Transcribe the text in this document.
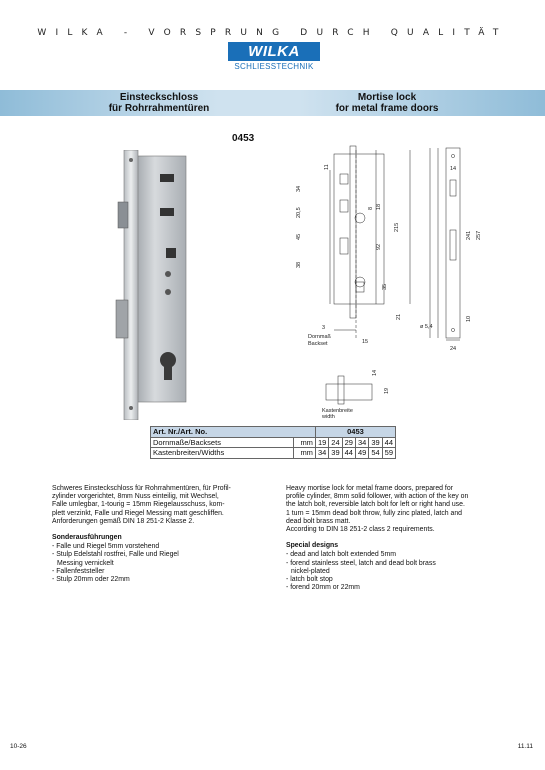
WILKA - VORSPRUNG DURCH QUALITÄT
WILKA
SCHLIESSTECHNIK
Einsteckschloss
für Rohrrahmentüren
Mortise lock
for metal frame doors
0453
11
34
20,5
45
38
8 18
215
92
35
21
3
Dornmaß
Backset	15
14
241 257
ø 5,4
10
24
14
19
Kastenbreite
width
Art. Nr./Art. No.		0453					
Dornmaße/Backsets	mm	19	24	29	34	39	44
Kastenbreiten/Widths	mm	34	39	44	49	54	59
Schweres Einsteckschloss für Rohrrahmentüren, für Profil-
zylinder vorgerichtet, 8mm Nuss einteilig, mit Wechsel,
Falle umlegbar, 1-tourig = 15mm Riegelausschuss, kom-
plett verzinkt, Falle und Riegel Messing matt geschliffen.
Anforderungen gemäß DIN 18 251-2 Klasse 2.
Sonderausführungen
- Falle und Riegel 5mm vorstehend
- Stulp Edelstahl rostfrei, Falle und Riegel
Messing vernickelt
- Fallenfeststeller
- Stulp 20mm oder 22mm
Heavy mortise lock for metal frame doors, prepared for
profile cylinder, 8mm solid follower, with action of the key on
the latch bolt, reversible latch bolt for left or right hand use.
1 turn = 15mm dead bolt throw, fully zinc plated, latch and
dead bolt brass matt.
According to DIN 18 251-2 class 2 requirements.
Special designs
- dead and latch bolt extended 5mm
- forend stainless steel, latch and dead bolt brass
nickel-plated
- latch bolt stop
- forend 20mm or 22mm
10-26	11.11
